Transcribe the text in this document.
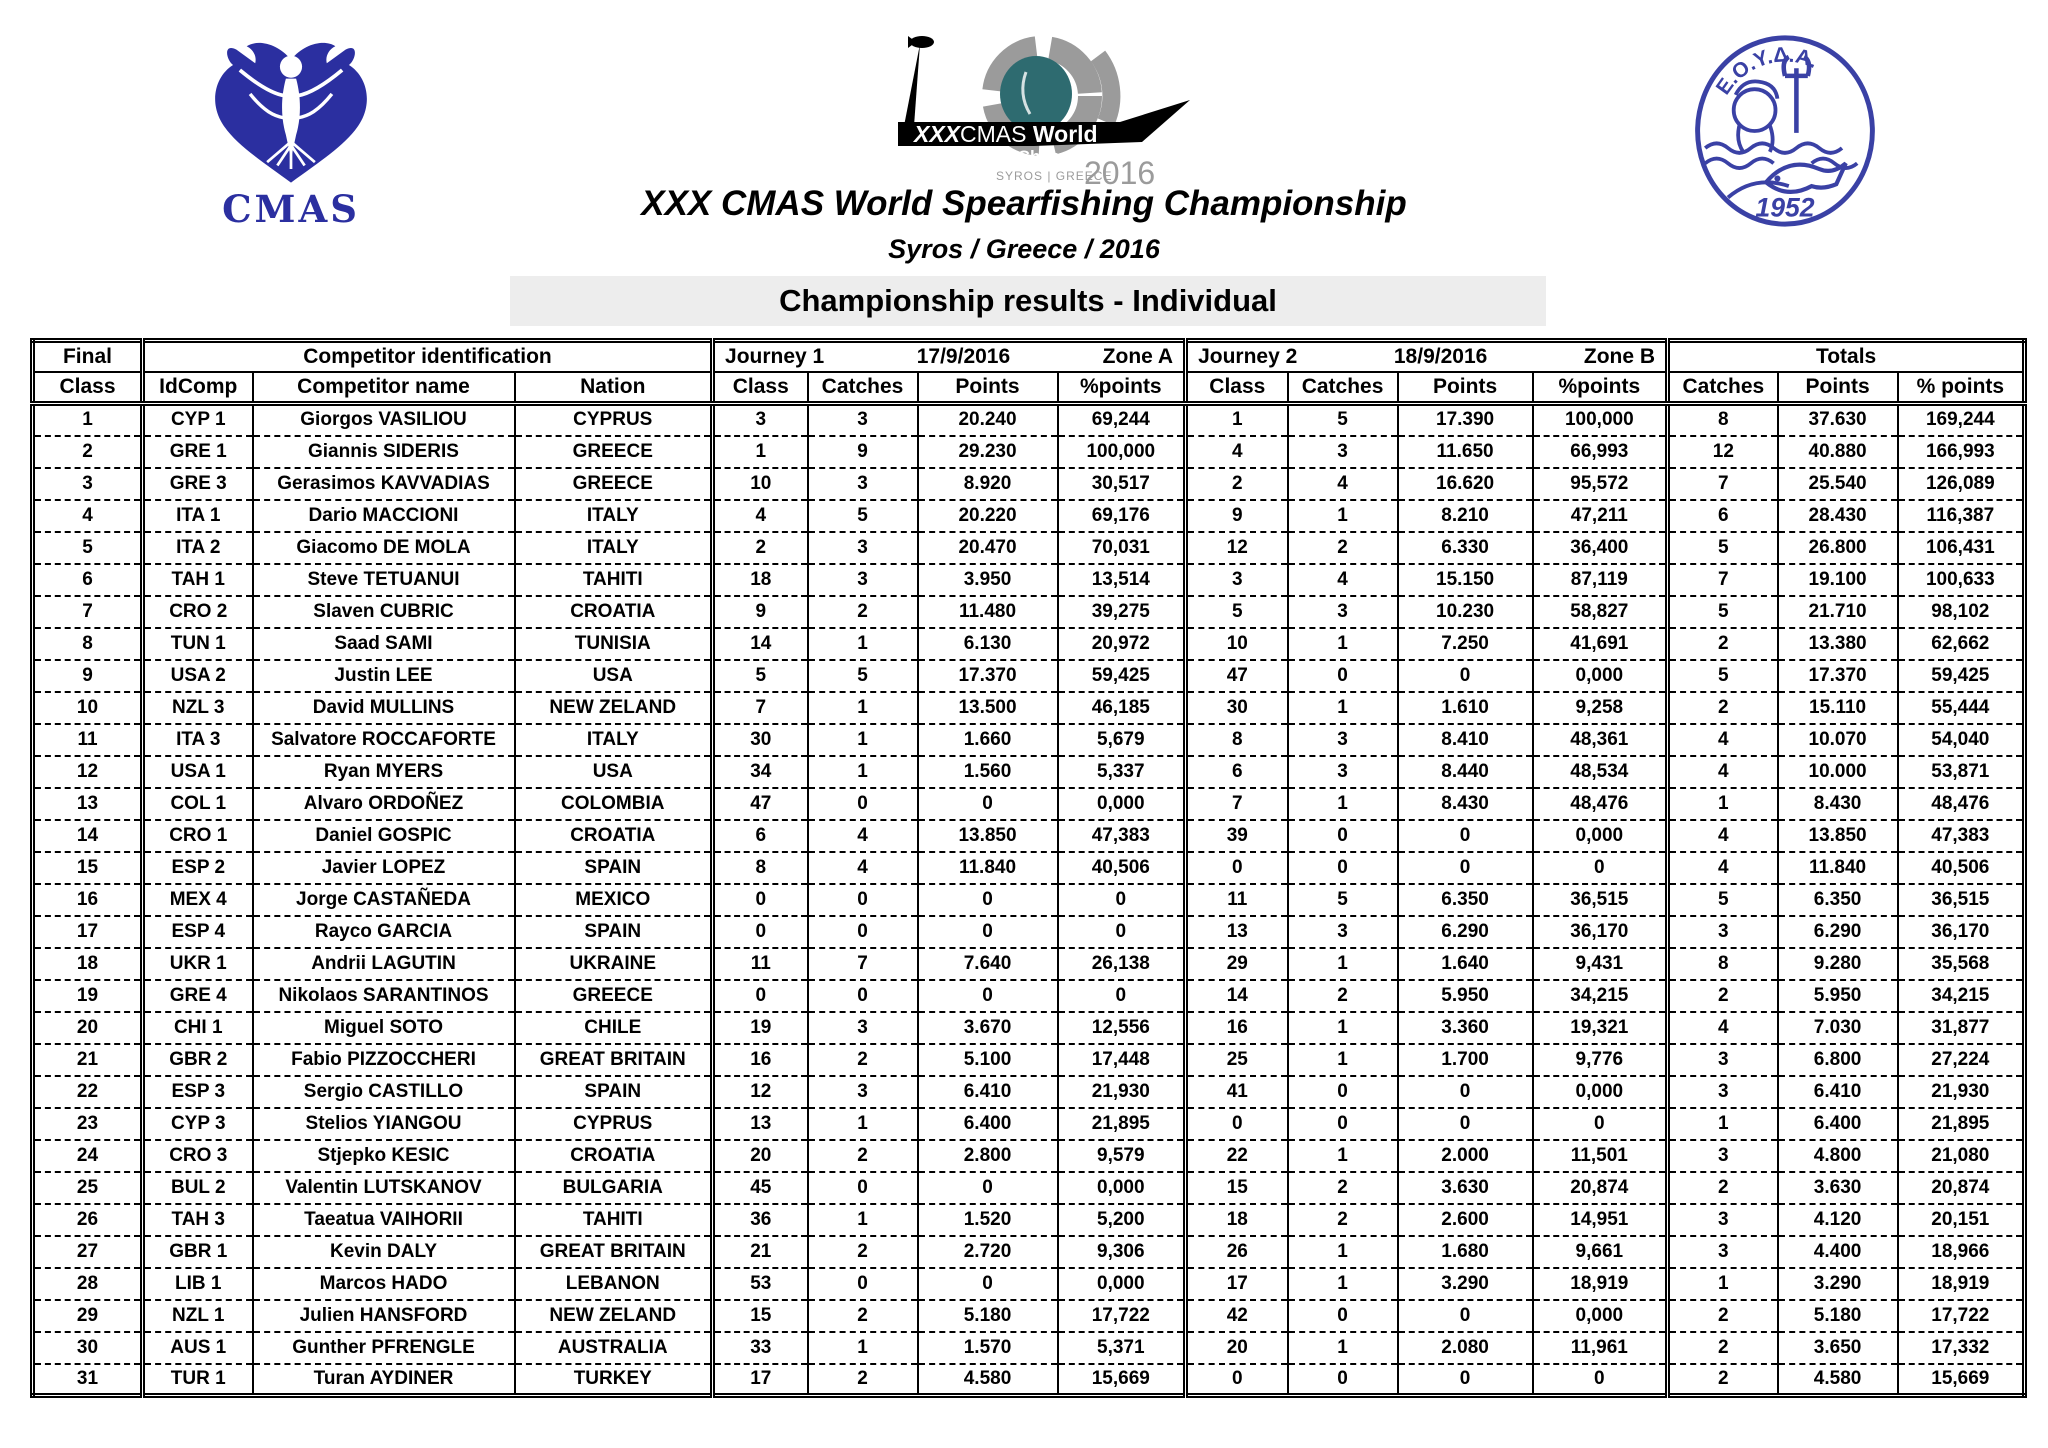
CMAS
XXXCMAS World
Spearfishing Championship
SYROS | GREECE
2016
Ε.Ο.Υ.Δ.Α.
1952
XXX CMAS World Spearfishing Championship
Syros / Greece / 2016
Championship results - Individual
Final	Competitor identification			Journey 1 17/9/2016 Zone A				Journey 2 18/9/2016 Zone B				Totals		
Class	IdComp	Competitor name	Nation	Class	Catches	Points	%points	Class	Catches	Points	%points	Catches	Points	% points
1	CYP 1	Giorgos VASILIOU	CYPRUS	3	3	20.240	69,244	1	5	17.390	100,000	8	37.630	169,244
2	GRE 1	Giannis SIDERIS	GREECE	1	9	29.230	100,000	4	3	11.650	66,993	12	40.880	166,993
3	GRE 3	Gerasimos KAVVADIAS	GREECE	10	3	8.920	30,517	2	4	16.620	95,572	7	25.540	126,089
4	ITA 1	Dario MACCIONI	ITALY	4	5	20.220	69,176	9	1	8.210	47,211	6	28.430	116,387
5	ITA 2	Giacomo DE MOLA	ITALY	2	3	20.470	70,031	12	2	6.330	36,400	5	26.800	106,431
6	TAH 1	Steve TETUANUI	TAHITI	18	3	3.950	13,514	3	4	15.150	87,119	7	19.100	100,633
7	CRO 2	Slaven CUBRIC	CROATIA	9	2	11.480	39,275	5	3	10.230	58,827	5	21.710	98,102
8	TUN 1	Saad SAMI	TUNISIA	14	1	6.130	20,972	10	1	7.250	41,691	2	13.380	62,662
9	USA 2	Justin LEE	USA	5	5	17.370	59,425	47	0	0	0,000	5	17.370	59,425
10	NZL 3	David MULLINS	NEW ZELAND	7	1	13.500	46,185	30	1	1.610	9,258	2	15.110	55,444
11	ITA 3	Salvatore ROCCAFORTE	ITALY	30	1	1.660	5,679	8	3	8.410	48,361	4	10.070	54,040
12	USA 1	Ryan MYERS	USA	34	1	1.560	5,337	6	3	8.440	48,534	4	10.000	53,871
13	COL 1	Alvaro ORDOÑEZ	COLOMBIA	47	0	0	0,000	7	1	8.430	48,476	1	8.430	48,476
14	CRO 1	Daniel GOSPIC	CROATIA	6	4	13.850	47,383	39	0	0	0,000	4	13.850	47,383
15	ESP 2	Javier LOPEZ	SPAIN	8	4	11.840	40,506	0	0	0	0	4	11.840	40,506
16	MEX 4	Jorge CASTAÑEDA	MEXICO	0	0	0	0	11	5	6.350	36,515	5	6.350	36,515
17	ESP 4	Rayco GARCIA	SPAIN	0	0	0	0	13	3	6.290	36,170	3	6.290	36,170
18	UKR 1	Andrii LAGUTIN	UKRAINE	11	7	7.640	26,138	29	1	1.640	9,431	8	9.280	35,568
19	GRE 4	Nikolaos SARANTINOS	GREECE	0	0	0	0	14	2	5.950	34,215	2	5.950	34,215
20	CHI 1	Miguel SOTO	CHILE	19	3	3.670	12,556	16	1	3.360	19,321	4	7.030	31,877
21	GBR 2	Fabio PIZZOCCHERI	GREAT BRITAIN	16	2	5.100	17,448	25	1	1.700	9,776	3	6.800	27,224
22	ESP 3	Sergio CASTILLO	SPAIN	12	3	6.410	21,930	41	0	0	0,000	3	6.410	21,930
23	CYP 3	Stelios YIANGOU	CYPRUS	13	1	6.400	21,895	0	0	0	0	1	6.400	21,895
24	CRO 3	Stjepko KESIC	CROATIA	20	2	2.800	9,579	22	1	2.000	11,501	3	4.800	21,080
25	BUL 2	Valentin LUTSKANOV	BULGARIA	45	0	0	0,000	15	2	3.630	20,874	2	3.630	20,874
26	TAH 3	Taeatua VAIHORII	TAHITI	36	1	1.520	5,200	18	2	2.600	14,951	3	4.120	20,151
27	GBR 1	Kevin DALY	GREAT BRITAIN	21	2	2.720	9,306	26	1	1.680	9,661	3	4.400	18,966
28	LIB 1	Marcos HADO	LEBANON	53	0	0	0,000	17	1	3.290	18,919	1	3.290	18,919
29	NZL 1	Julien HANSFORD	NEW ZELAND	15	2	5.180	17,722	42	0	0	0,000	2	5.180	17,722
30	AUS 1	Gunther PFRENGLE	AUSTRALIA	33	1	1.570	5,371	20	1	2.080	11,961	2	3.650	17,332
31	TUR 1	Turan AYDINER	TURKEY	17	2	4.580	15,669	0	0	0	0	2	4.580	15,669
